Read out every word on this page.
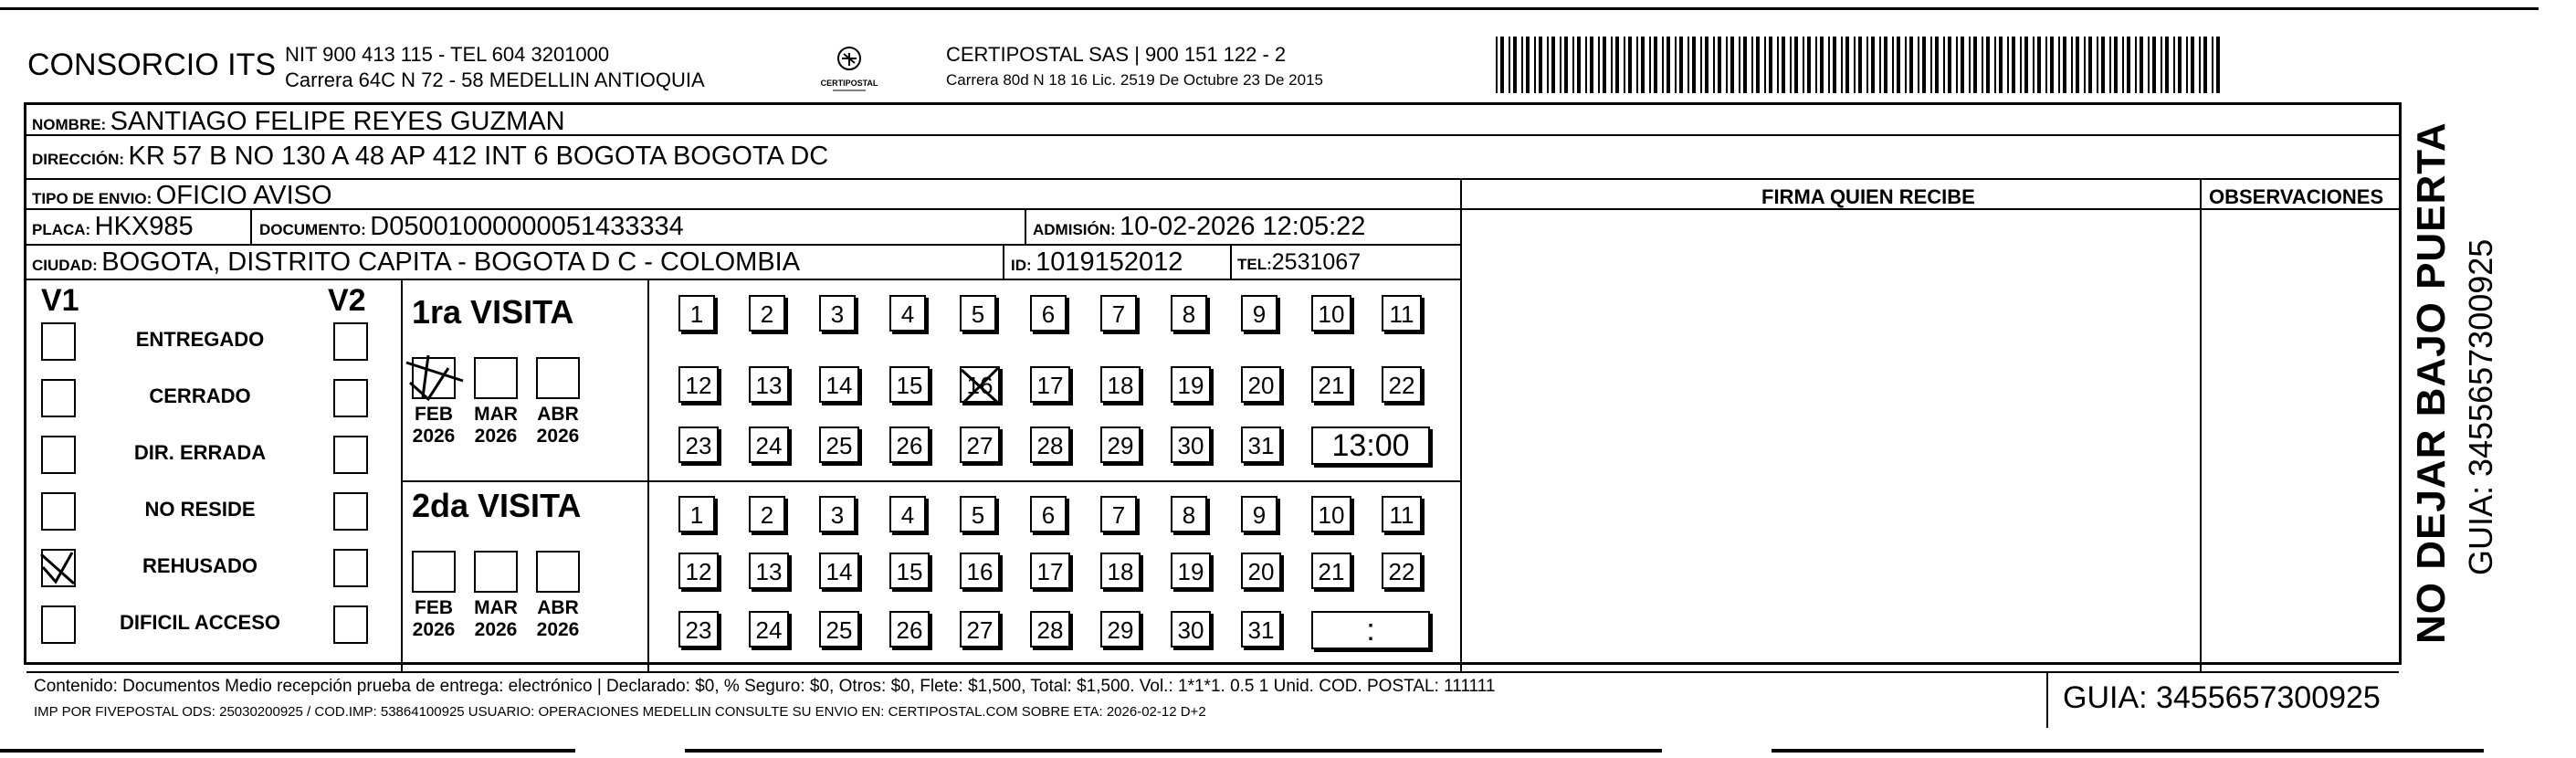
CONSORCIO ITS NIT 900 413 115 - TEL 604 3201000
Carrera 64C N 72 - 58 MEDELLIN ANTIOQUIA	CERTIPOSTAL
CERTIPOSTAL SAS | 900 151 122 - 2
Carrera 80d N 18 16 Lic. 2519 De Octubre 23 De 2015
NOMBRE: SANTIAGO FELIPE REYES GUZMAN
DIRECCIÓN: KR 57 B NO 130 A 48 AP 412 INT 6 BOGOTA BOGOTA DC
TIPO DE ENVIO: OFICIO AVISO	FIRMA QUIEN RECIBE	OBSERVACIONES
PLACA: HKX985	DOCUMENTO: D05001000000051433334	ADMISIÓN: 10-02-2026 12:05:22
CIUDAD: BOGOTA, DISTRITO CAPITA - BOGOTA D C - COLOMBIA	ID: 1019152012	TEL:2531067
V1	V2
ENTREGADO
CERRADO
DIR. ERRADA
NO RESIDE
REHUSADO
DIFICIL ACCESO
1ra VISITA
FEB
2026
MAR
2026
ABR
2026
1	2	3	4	5	6	7	8	9	10	11
12 13 14 15 16 17 18 19 20 21 22
23 24 25 26 27 28 29 30 31	13:00
2da VISITA
FEB
2026
MAR
2026
ABR
2026
1	2	3	4	5	6	7	8	9	10	11
12 13 14 15 16 17 18 19 20 21 22
23 24 25 26 27 28 29 30 31	:
Contenido: Documentos Medio recepción prueba de entrega: electrónico | Declarado: $0, % Seguro: $0, Otros: $0, Flete: $1,500, Total: $1,500. Vol.: 1*1*1. 0.5 1 Unid. COD. POSTAL: 111111
IMP POR FIVEPOSTAL ODS: 25030200925 / COD.IMP: 53864100925 USUARIO: OPERACIONES MEDELLIN CONSULTE SU ENVIO EN: CERTIPOSTAL.COM SOBRE ETA: 2026-02-12 D+2	GUIA: 3455657300925
NO DEJAR BAJO PUERTA GUIA: 3455657300925
